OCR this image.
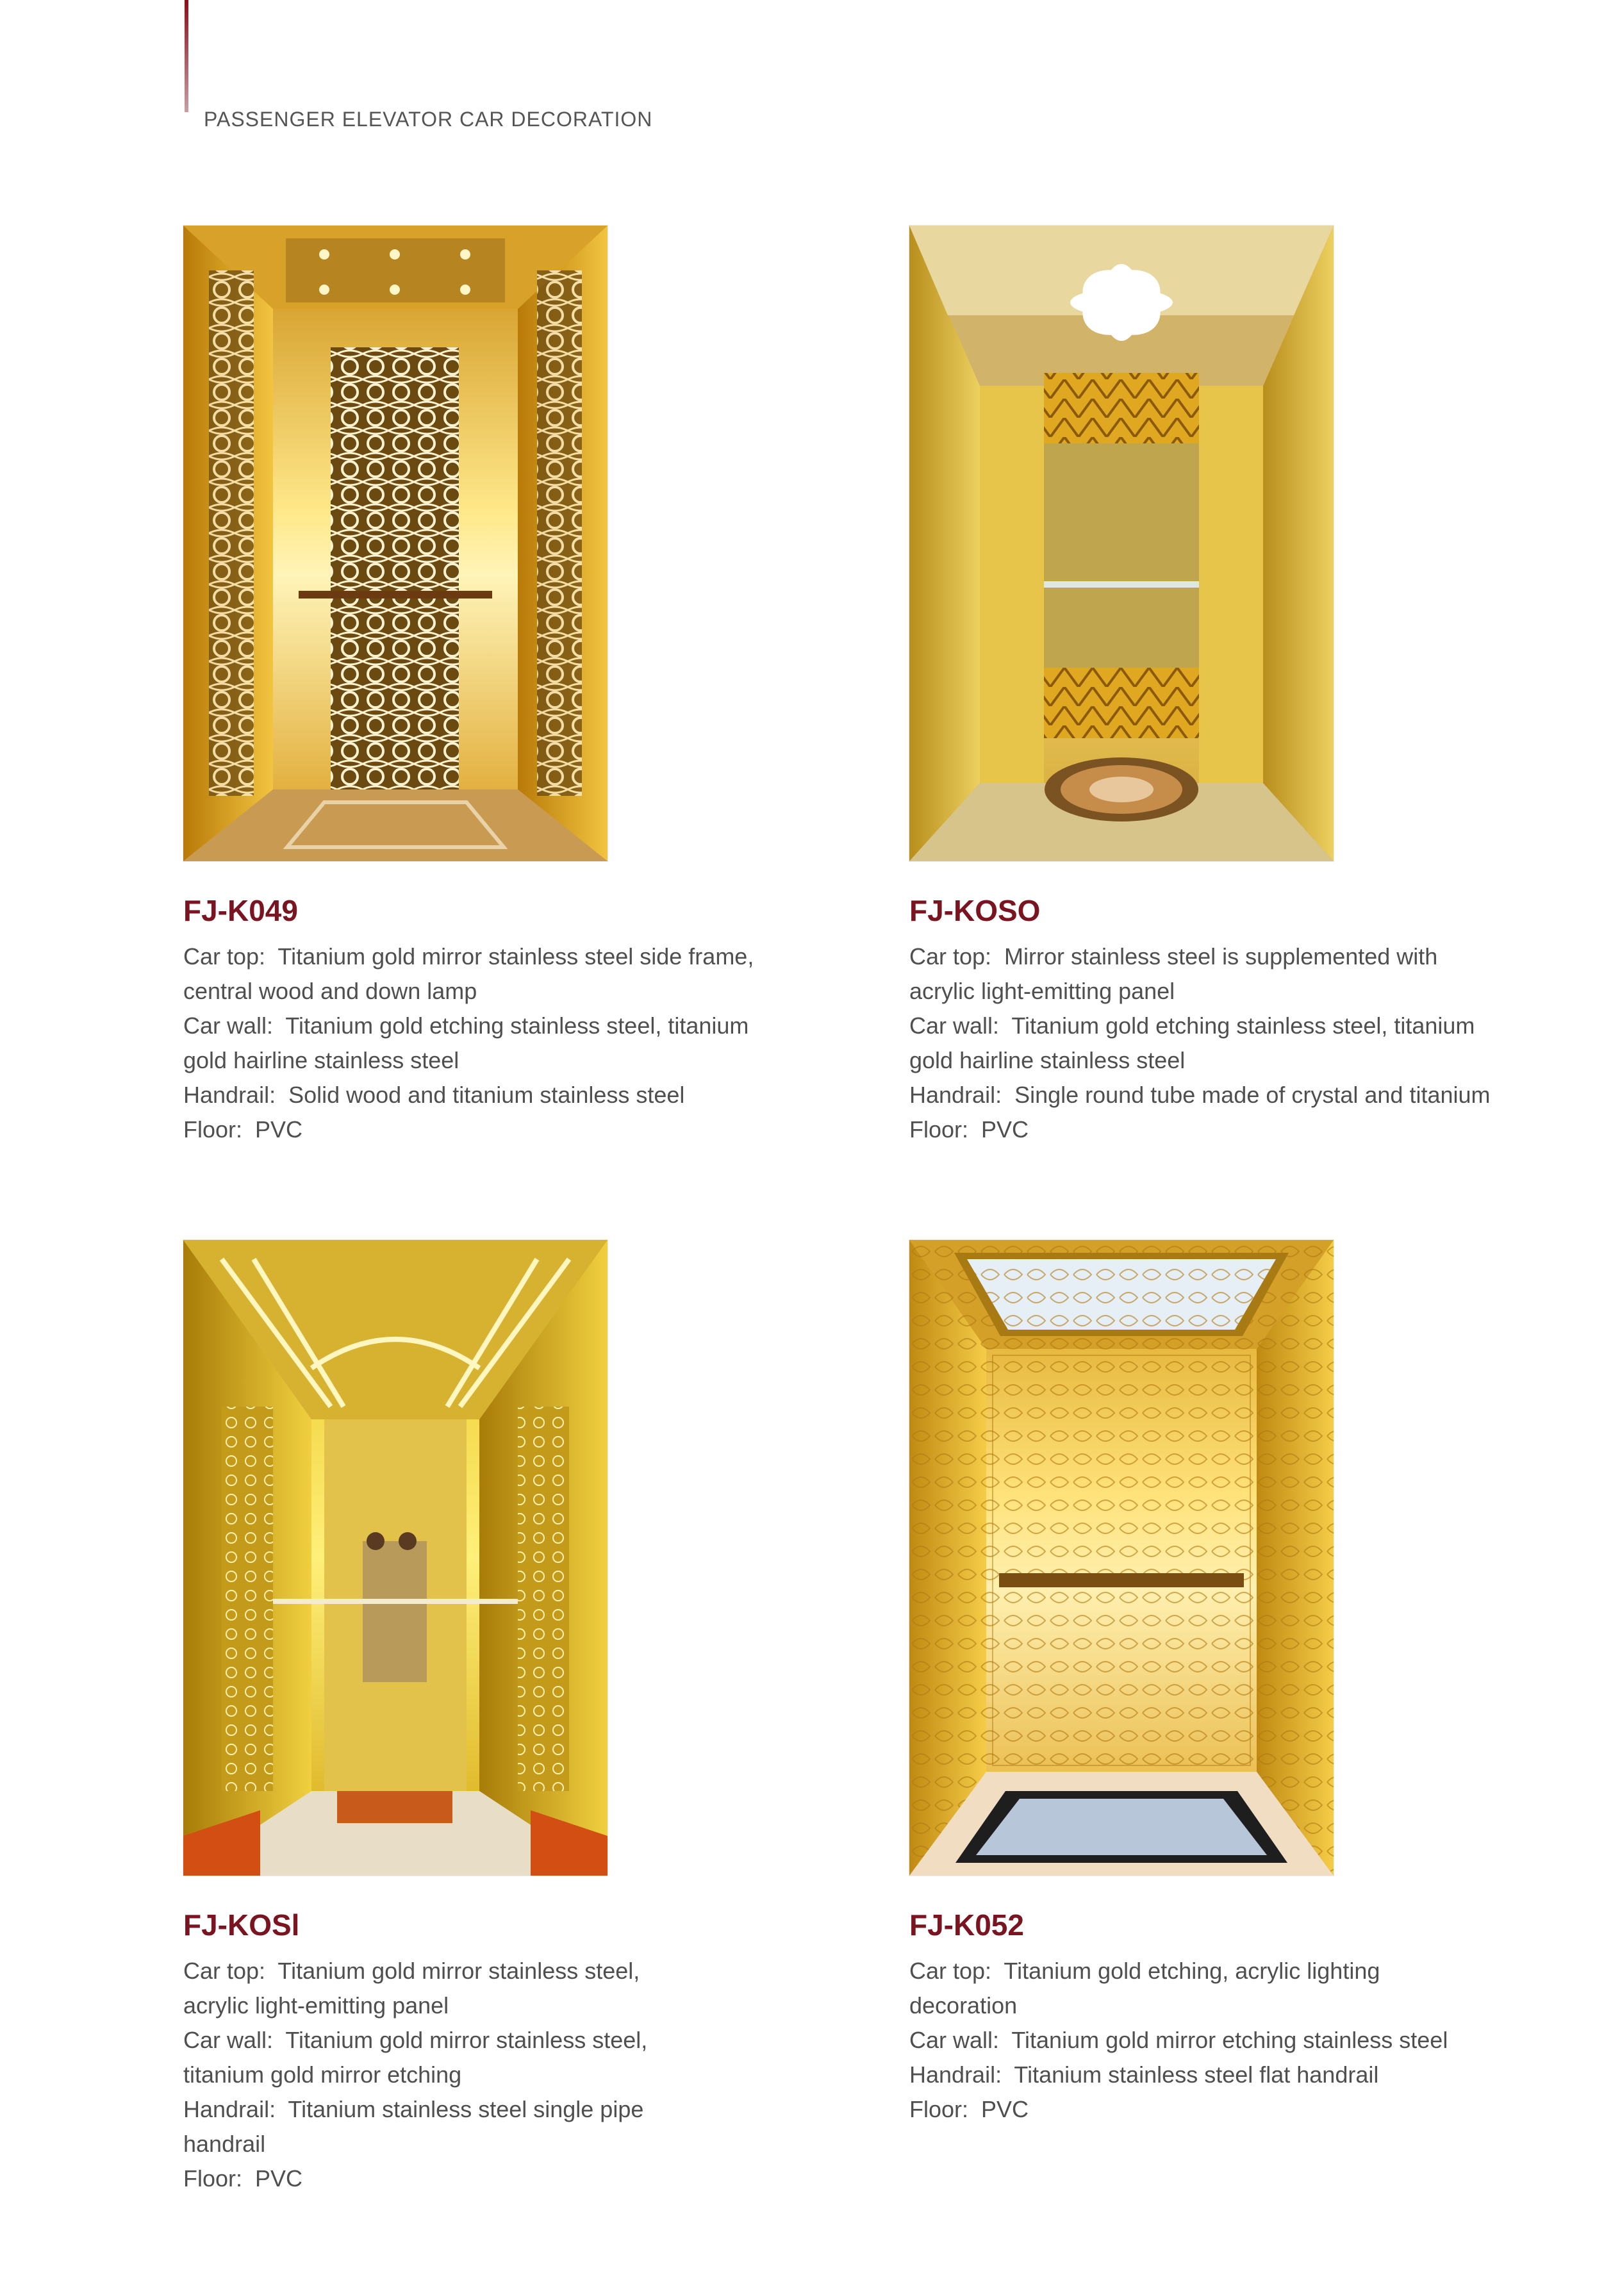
PASSENGER ELEVATOR CAR DECORATION
FJ-K049
Car top:  Titanium gold mirror stainless steel side frame,
central wood and down lamp
Car wall:  Titanium gold etching stainless steel, titanium
gold hairline stainless steel
Handrail:  Solid wood and titanium stainless steel
Floor:  PVC
FJ-KOSO
Car top:  Mirror stainless steel is supplemented with
acrylic light-emitting panel
Car wall:  Titanium gold etching stainless steel, titanium
gold hairline stainless steel
Handrail:  Single round tube made of crystal and titanium
Floor:  PVC
FJ-KOSl
Car top:  Titanium gold mirror stainless steel,
acrylic light-emitting panel
Car wall:  Titanium gold mirror stainless steel,
titanium gold mirror etching
Handrail:  Titanium stainless steel single pipe
handrail
Floor:  PVC
FJ-K052
Car top:  Titanium gold etching, acrylic lighting
decoration
Car wall:  Titanium gold mirror etching stainless steel
Handrail:  Titanium stainless steel flat handrail
Floor:  PVC
